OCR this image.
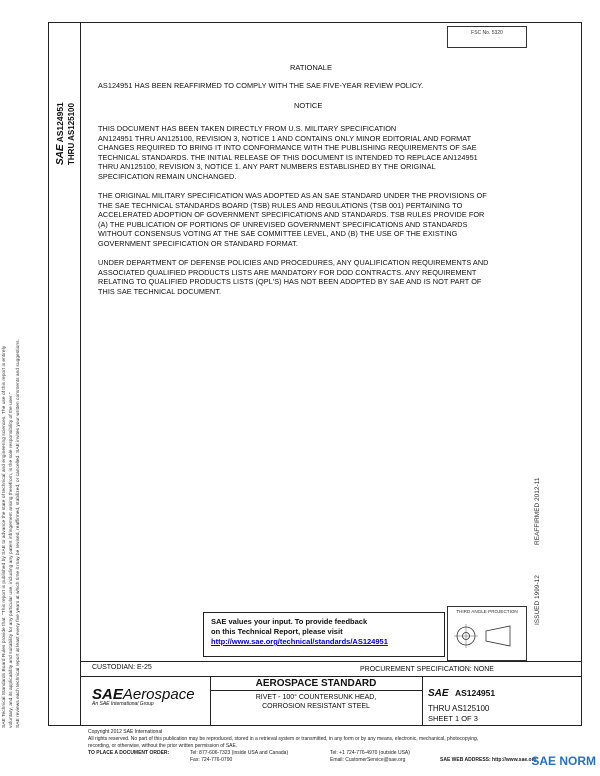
FSC No. 5320
SAE AS124951 THRU AS125100
SAE Technical Standards Board Rules provide that: "This report is published by SAE to advance the state of technical and engineering sciences. The use of this report is entirely voluntary, and its applicability and suitability for any particular use, including any patent infringement arising therefrom, is the sole responsibility of the user." SAE reviews each technical report at least every five years at which time it may be revised, reaffirmed, stabilized, or cancelled. SAE invites your written comments and suggestions.	REAFFIRMED 2012-11
ISSUED 1999-12
RATIONALE
AS124951 HAS BEEN REAFFIRMED TO COMPLY WITH THE SAE FIVE-YEAR REVIEW POLICY.
NOTICE
THIS DOCUMENT HAS BEEN TAKEN DIRECTLY FROM U.S. MILITARY SPECIFICATION
AN124951 THRU AN125100, REVISION 3, NOTICE 1 AND CONTAINS ONLY MINOR EDITORIAL AND FORMAT
CHANGES REQUIRED TO BRING IT INTO CONFORMANCE WITH THE PUBLISHING REQUIREMENTS OF SAE
TECHNICAL STANDARDS. THE INITIAL RELEASE OF THIS DOCUMENT IS INTENDED TO REPLACE AN124951
THRU AN125100, REVISION 3, NOTICE 1. ANY PART NUMBERS ESTABLISHED BY THE ORIGINAL
SPECIFICATION REMAIN UNCHANGED.
THE ORIGINAL MILITARY SPECIFICATION WAS ADOPTED AS AN SAE STANDARD UNDER THE PROVISIONS OF
THE SAE TECHNICAL STANDARDS BOARD (TSB) RULES AND REGULATIONS (TSB 001) PERTAINING TO
ACCELERATED ADOPTION OF GOVERNMENT SPECIFICATIONS AND STANDARDS. TSB RULES PROVIDE FOR
(A) THE PUBLICATION OF PORTIONS OF UNREVISED GOVERNMENT SPECIFICATIONS AND STANDARDS
WITHOUT CONSENSUS VOTING AT THE SAE COMMITTEE LEVEL, AND (B) THE USE OF THE EXISTING
GOVERNMENT SPECIFICATION OR STANDARD FORMAT.
UNDER DEPARTMENT OF DEFENSE POLICIES AND PROCEDURES, ANY QUALIFICATION REQUIREMENTS AND
ASSOCIATED QUALIFIED PRODUCTS LISTS ARE MANDATORY FOR DOD CONTRACTS. ANY REQUIREMENT
RELATING TO QUALIFIED PRODUCTS LISTS (QPL'S) HAS NOT BEEN ADOPTED BY SAE AND IS NOT PART OF
THIS SAE TECHNICAL DOCUMENT.
SAE values your input. To provide feedback
on this Technical Report, please visit
http://www.sae.org/technical/standards/AS124951
THIRD ANGLE PROJECTION
CUSTODIAN: E-25	PROCUREMENT SPECIFICATION: NONE
SAEAerospace
An SAE International Group
AEROSPACE STANDARD
RIVET - 100° COUNTERSUNK HEAD,
CORROSION RESISTANT STEEL
SAE AS124951
THRU AS125100
SHEET 1 OF 3
Copyright 2012 SAE International
All rights reserved. No part of this publication may be reproduced, stored in a retrieval system or transmitted, in any form or by any means, electronic, mechanical, photocopying,
recording, or otherwise, without the prior written permission of SAE.
TO PLACE A DOCUMENT ORDER:	Tel: 877-606-7323 (inside USA and Canada)	Tel: +1 724-776-4970 (outside USA)
Fax: 724-776-0790	Email: CustomerService@sae.org	SAE WEB ADDRESS: http://www.sae.org
SAE NORM
